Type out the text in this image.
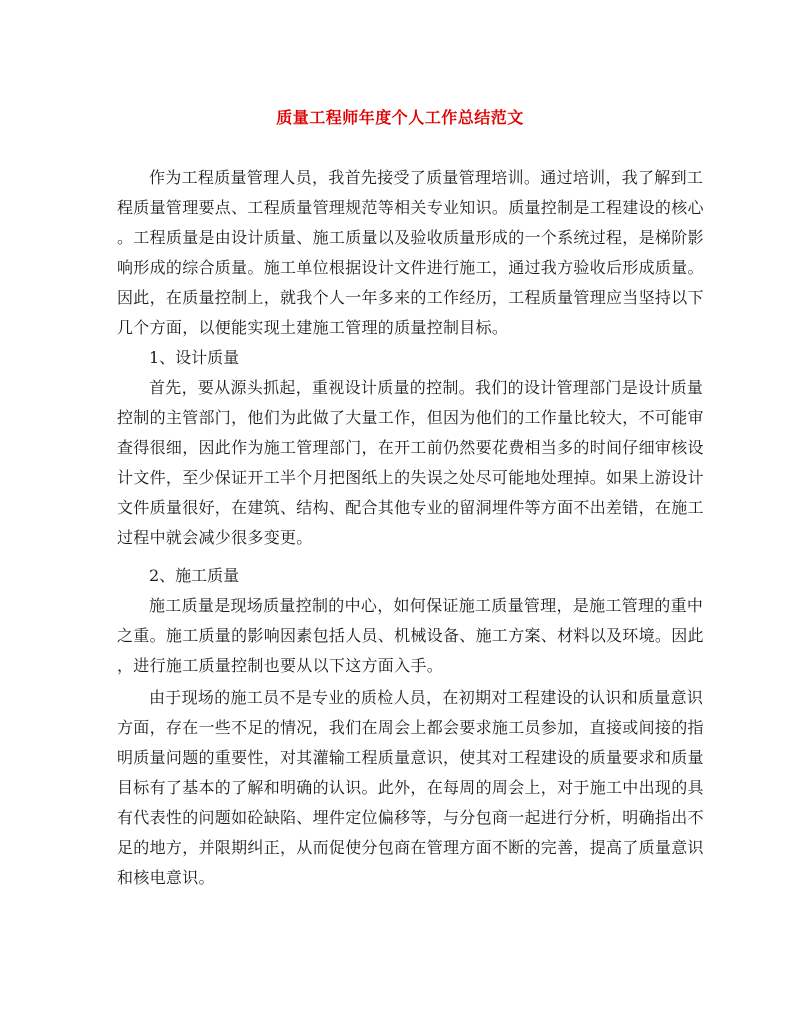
质量工程师年度个人工作总结范文
作为工程质量管理人员，我首先接受了质量管理培训。通过培训，我了解到工
程质量管理要点、工程质量管理规范等相关专业知识。质量控制是工程建设的核心
。工程质量是由设计质量、施工质量以及验收质量形成的一个系统过程，是梯阶影
响形成的综合质量。施工单位根据设计文件进行施工，通过我方验收后形成质量。
因此，在质量控制上，就我个人一年多来的工作经历，工程质量管理应当坚持以下
几个方面，以便能实现土建施工管理的质量控制目标。
1、设计质量
首先，要从源头抓起，重视设计质量的控制。我们的设计管理部门是设计质量
控制的主管部门，他们为此做了大量工作，但因为他们的工作量比较大，不可能审
查得很细，因此作为施工管理部门，在开工前仍然要花费相当多的时间仔细审核设
计文件，至少保证开工半个月把图纸上的失误之处尽可能地处理掉。如果上游设计
文件质量很好，在建筑、结构、配合其他专业的留洞埋件等方面不出差错，在施工
过程中就会减少很多变更。
2、施工质量
施工质量是现场质量控制的中心，如何保证施工质量管理，是施工管理的重中
之重。施工质量的影响因素包括人员、机械设备、施工方案、材料以及环境。因此
，进行施工质量控制也要从以下这方面入手。
由于现场的施工员不是专业的质检人员，在初期对工程建设的认识和质量意识
方面，存在一些不足的情况，我们在周会上都会要求施工员参加，直接或间接的指
明质量问题的重要性，对其灌输工程质量意识，使其对工程建设的质量要求和质量
目标有了基本的了解和明确的认识。此外，在每周的周会上，对于施工中出现的具
有代表性的问题如砼缺陷、埋件定位偏移等，与分包商一起进行分析，明确指出不
足的地方，并限期纠正，从而促使分包商在管理方面不断的完善，提高了质量意识
和核电意识。
